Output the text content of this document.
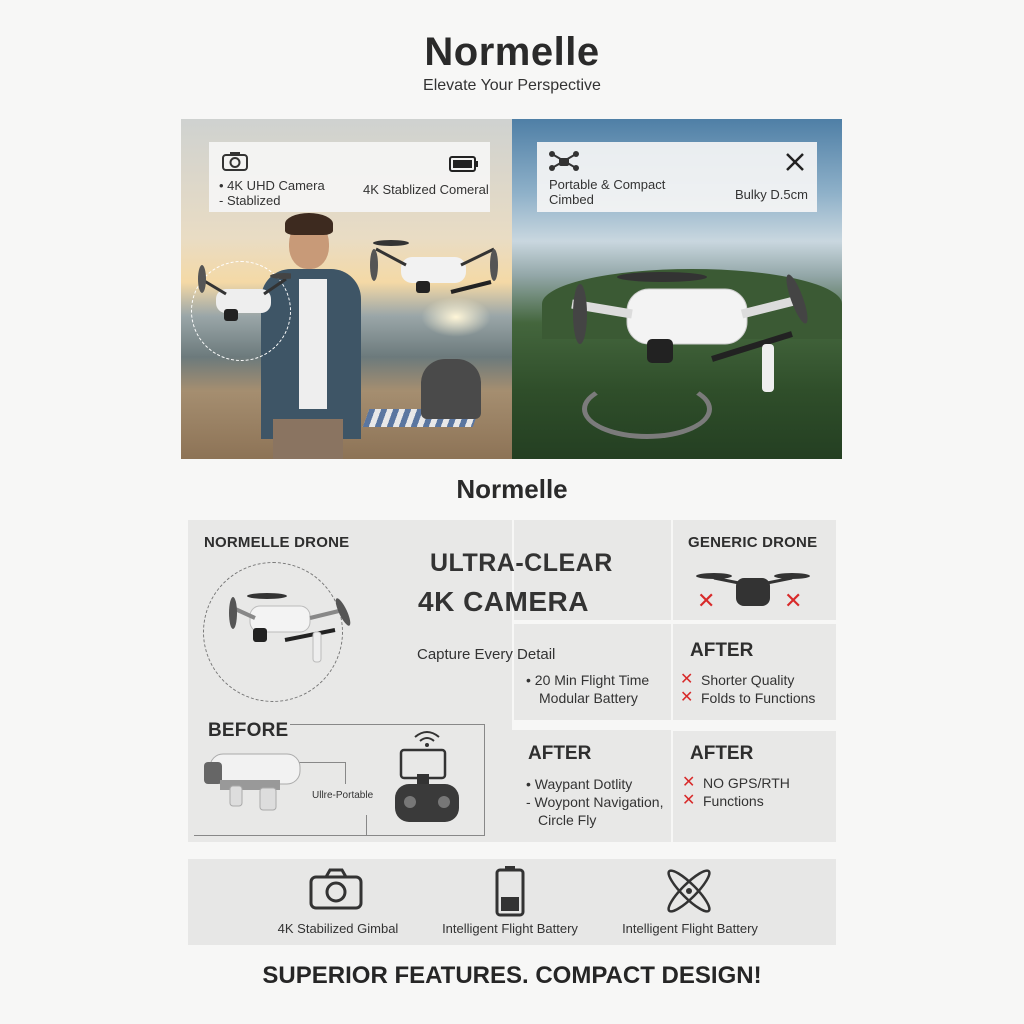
Normelle
Elevate Your Perspective
• 4K UHD Camera
- Stablized
4K Stablized Comeral	Portable & Compact
Cimbed	Bulky D.5cm
Normelle
NORMELLE DRONE
ULTRA-CLEAR
4K CAMERA
Capture Every Detail
• 20 Min Flight Time
Modular Battery
BEFORE
Ullre-Portable
GENERIC DRONE
✕	✕
AFTER
✕ Shorter Quality
✕ Folds to Functions
AFTER
• Waypant Dotlity
- Woypont Navigation,
Circle Fly
AFTER
✕ NO GPS/RTH
✕ Functions
4K Stabilized Gimbal	Intelligent Flight Battery	Intelligent Flight Battery
SUPERIOR FEATURES. COMPACT DESIGN!
